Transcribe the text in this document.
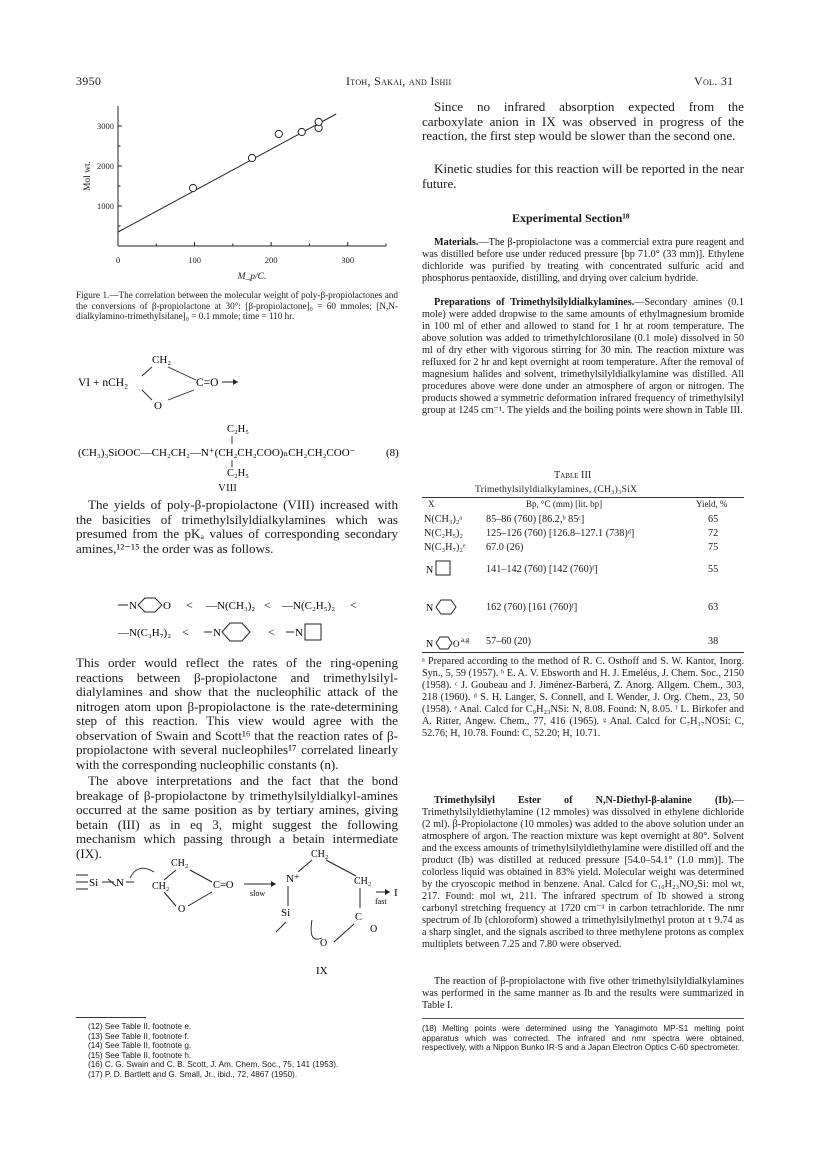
3950	Itoh, Sakai, and Ishii	Vol. 31
0	100	200	300
1000
2000
3000
Mol wt.
M_p/C.
Figure 1.—The correlation between the molecular weight of poly-β-propiolactones and the conversions of β-propiolactone at 30°: [β-propiolactone]₀ = 60 mmoles; [N,N-dialkylamino-trimethylsilane]₀ = 0.1 mmole; time = 110 hr.
CH₂
VI + nCH₂	C=O
O
C₂H₅
(CH₃)₃SiOOC—CH₂CH₂—N⁺(CH₂CH₂COO)ₙCH₂CH₂COO⁻	(8)
C₂H₅
VIII
The yields of poly-β-propiolactone (VIII) increased with the basicities of trimethylsilyldialkylamines which was presumed from the pKₐ values of corresponding secondary amines,¹²⁻¹⁵ the order was as follows.
N O < —N(CH₃)₂ < —N(C₂H₅)₂ <
—N(C₃H₇)₂ < N	< N
This order would reflect the rates of the ring-opening reactions between β-propiolactone and trimethylsilyl-dialylamines and show that the nucleophilic attack of the nitrogen atom upon β-propiolactone is the rate-determining step of this reaction. This view would agree with the observation of Swain and Scott¹⁶ that the reaction rates of β-propiolactone with several nucleophiles¹⁷ correlated linearly with the corresponding nucleophilic constants (n).
The above interpretations and the fact that the bond breakage of β-propiolactone by trimethylsilyldialkyl-amines occurred at the same position as by tertiary amines, giving betain (III) as in eq 3, might suggest the following mechanism which passing through a betain intermediate (IX).
Si N	CH₂
CH₂
C=O
O
slow
CH₂
CH₂
N⁺
Si	C
O
O
fast
I
IX
(12) See Table II, footnote e.
(13) See Table II, footnote f.
(14) See Table II, footnote g.
(15) See Table II, footnote h.
(16) C. G. Swain and C. B. Scott, J. Am. Chem. Soc., 75, 141 (1953).
(17) P. D. Bartlett and G. Small, Jr., ibid., 72, 4867 (1950).
Since no infrared absorption expected from the carboxylate anion in IX was observed in progress of the reaction, the first step would be slower than the second one.
Kinetic studies for this reaction will be reported in the near future.
Experimental Section¹⁸
Materials.—The β-propiolactone was a commercial extra pure reagent and was distilled before use under reduced pressure [bp 71.0° (33 mm)]. Ethylene dichloride was purified by treating with concentrated sulfuric acid and phosphorus pentaoxide, distilling, and drying over calcium hydride.
Preparations of Trimethylsilyldialkylamines.—Secondary amines (0.1 mole) were added dropwise to the same amounts of ethylmagnesium bromide in 100 ml of ether and allowed to stand for 1 hr at room temperature. The above solution was added to trimethylchlorosilane (0.1 mole) dissolved in 50 ml of dry ether with vigorous stirring for 30 min. The reaction mixture was refluxed for 2 hr and kept overnight at room temperature. After the removal of magnesium halides and solvent, trimethylsilyldialkylamine was distilled. All procedures above were done under an atmosphere of argon or nitrogen. The products showed a symmetric deformation infrared frequency of trimethylsilyl group at 1245 cm⁻¹. The yields and the boiling points were shown in Table III.
Table III
Trimethylsilyldialkylamines, (CH₃)₃SiX
X	Bp, °C (mm) [lit. bp]	Yield, %
N(CH₃)₂ᵃ 85–86 (760) [86.2,ᵇ 85ᶜ]	65
N(C₂H₅)₂ 125–126 (760) [126.8–127.1 (738)ᵈ]	72
N(C₃H₇)₂ᵉ 67.0 (26)	75
N	141–142 (760) [142 (760)ᶠ]	55
N	162 (760) [161 (760)ᶠ]	63
N O a,g 57–60 (20)	38
ᵃ Prepared according to the method of R. C. Osthoff and S. W. Kantor, Inorg. Syn., 5, 59 (1957). ᵇ E. A. V. Ebsworth and H. J. Emeléus, J. Chem. Soc., 2150 (1958). ᶜ J. Goubeau and J. Jiménez-Barberá, Z. Anorg. Allgem. Chem., 303, 218 (1960). ᵈ S. H. Langer, S. Connell, and I. Wender, J. Org. Chem., 23, 50 (1958). ᵉ Anal. Calcd for C₉H₂₃NSi: N, 8.08. Found: N, 8.05. ᶠ L. Birkofer and A. Ritter, Angew. Chem., 77, 416 (1965). ᵍ Anal. Calcd for C₇H₁₇NOSi: C, 52.76; H, 10.78. Found: C, 52.20; H, 10.71.
Trimethylsilyl Ester of N,N-Diethyl-β-alanine (Ib).—Trimethylsilyldiethylamine (12 mmoles) was dissolved in ethylene dichloride (2 ml). β-Propiolactone (10 mmoles) was added to the above solution under an atmosphere of argon. The reaction mixture was kept overnight at 80°. Solvent and the excess amounts of trimethylsilyldiethylamine were distilled off and the product (Ib) was distilled at reduced pressure [54.0–54.1° (1.0 mm)]. The colorless liquid was obtained in 83% yield. Molecular weight was determined by the cryoscopic method in benzene. Anal. Calcd for C₁₀H₂₃NO₂Si: mol wt, 217. Found: mol wt, 211. The infrared spectrum of Ib showed a strong carbonyl stretching frequency at 1720 cm⁻¹ in carbon tetrachloride. The nmr spectrum of Ib (chloroform) showed a trimethylsilylmethyl proton at τ 9.74 as a sharp singlet, and the signals ascribed to three methylene protons as complex multiplets between 7.25 and 7.80 were observed.
The reaction of β-propiolactone with five other trimethylsilyldialkylamines was performed in the same manner as Ib and the results were summarized in Table I.
(18) Melting points were determined using the Yanagimoto MP-S1 melting point apparatus which was corrected. The infrared and nmr spectra were obtained, respectively, with a Nippon Bunko IR-S and a Japan Electron Optics C-60 spectrometer.
